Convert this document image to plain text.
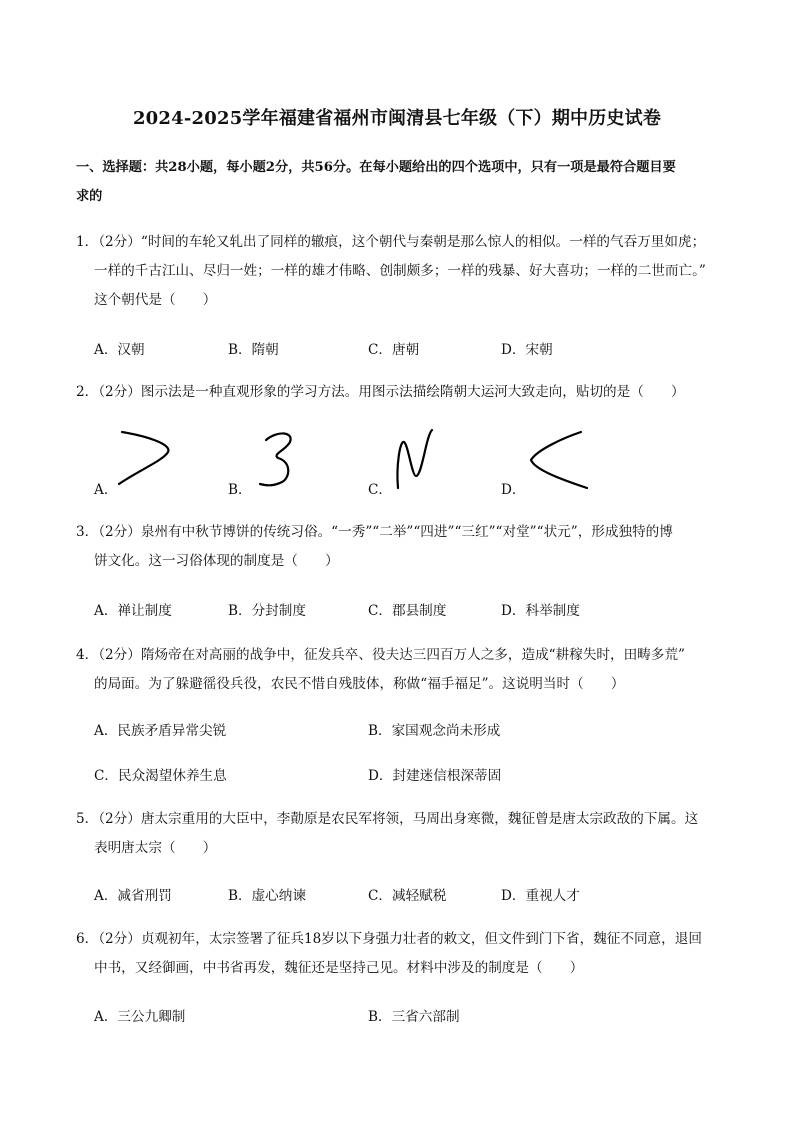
2024-2025学年福建省福州市闽清县七年级（下）期中历史试卷
一、选择题：共28小题，每小题2分，共56分。在每小题给出的四个选项中，只有一项是最符合题目要
求的
1．（2分）“时间的车轮又轧出了同样的辙痕，这个朝代与秦朝是那么惊人的相似。一样的气吞万里如虎；
一样的千古江山、尽归一姓；一样的雄才伟略、创制颇多；一样的残暴、好大喜功；一样的二世而亡。”
这个朝代是（　　）
A．汉朝	B．隋朝	C．唐朝	D．宋朝
2．（2分）图示法是一种直观形象的学习方法。用图示法描绘隋朝大运河大致走向，贴切的是（　　）
A．	B．	C．	D．
3．（2分）泉州有中秋节博饼的传统习俗。“一秀”“二举”“四进”“三红”“对堂”“状元”，形成独特的博
饼文化。这一习俗体现的制度是（　　）
A．禅让制度	B．分封制度	C．郡县制度	D．科举制度
4．（2分）隋炀帝在对高丽的战争中，征发兵卒、役夫达三四百万人之多，造成“耕稼失时，田畴多荒”
的局面。为了躲避徭役兵役，农民不惜自残肢体，称做“福手福足”。这说明当时（　　）
A．民族矛盾异常尖锐	B．家国观念尚未形成
C．民众渴望休养生息	D．封建迷信根深蒂固
5．（2分）唐太宗重用的大臣中，李勣原是农民军将领，马周出身寒微，魏征曾是唐太宗政敌的下属。这
表明唐太宗（　　）
A．减省刑罚	B．虚心纳谏	C．减轻赋税	D．重视人才
6．（2分）贞观初年，太宗签署了征兵18岁以下身强力壮者的敕文，但文件到门下省，魏征不同意，退回
中书，又经御画，中书省再发，魏征还是坚持己见。材料中涉及的制度是（　　）
A．三公九卿制	B．三省六部制
